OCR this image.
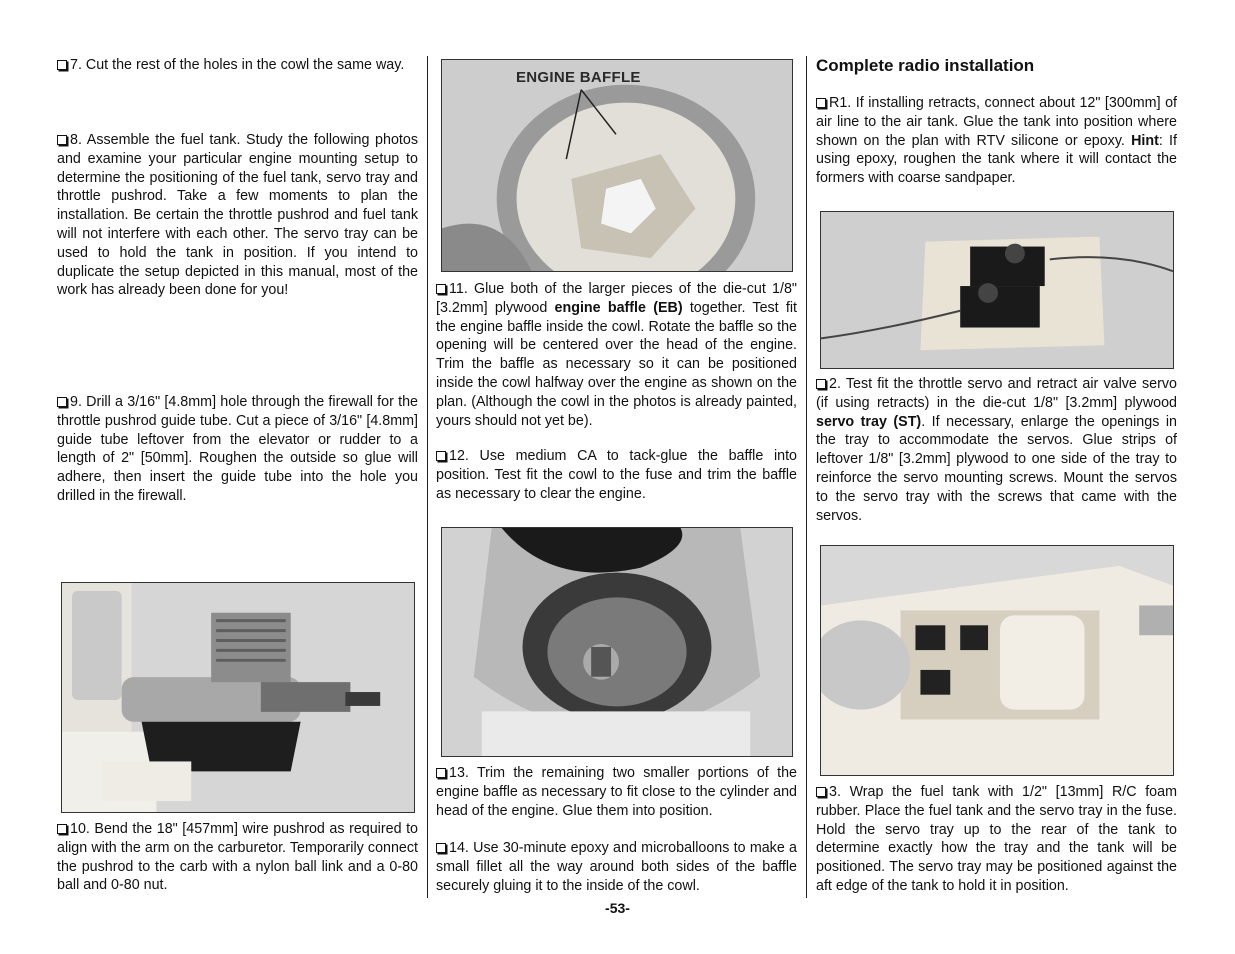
7. Cut the rest of the holes in the cowl the same way.

8. Assemble the fuel tank. Study the following photos and examine your particular engine mounting setup to determine the positioning of the fuel tank, servo tray and throttle pushrod. Take a few moments to plan the installation. Be certain the throttle pushrod and fuel tank will not interfere with each other. The servo tray can be used to hold the tank in position. If you intend to duplicate the setup depicted in this manual, most of the work has already been done for you!

9. Drill a 3/16" [4.8mm] hole through the firewall for the throttle pushrod guide tube. Cut a piece of 3/16" [4.8mm] guide tube leftover from the elevator or rudder to a length of 2" [50mm]. Roughen the outside so glue will adhere, then insert the guide tube into the hole you drilled in the firewall.

10. Bend the 18" [457mm] wire pushrod as required to align with the arm on the carburetor. Temporarily connect the pushrod to the carb with a nylon ball link and a 0-80 ball and 0-80 nut.

ENGINE BAFFLE

11. Glue both of the larger pieces of the die-cut 1/8" [3.2mm] plywood engine baffle (EB) together. Test fit the engine baffle inside the cowl. Rotate the baffle so the opening will be centered over the head of the engine. Trim the baffle as necessary so it can be positioned inside the cowl halfway over the engine as shown on the plan. (Although the cowl in the photos is already painted, yours should not yet be).

12. Use medium CA to tack-glue the baffle into position. Test fit the cowl to the fuse and trim the baffle as necessary to clear the engine.

13. Trim the remaining two smaller portions of the engine baffle as necessary to fit close to the cylinder and head of the engine. Glue them into position.

14. Use 30-minute epoxy and microballoons to make a small fillet all the way around both sides of the baffle securely gluing it to the inside of the cowl.

Complete radio installation

R1. If installing retracts, connect about 12" [300mm] of air line to the air tank. Glue the tank into position where shown on the plan with RTV silicone or epoxy. Hint: If using epoxy, roughen the tank where it will contact the formers with coarse sandpaper.

2. Test fit the throttle servo and retract air valve servo (if using retracts) in the die-cut 1/8" [3.2mm] plywood servo tray (ST). If necessary, enlarge the openings in the tray to accommodate the servos. Glue strips of leftover 1/8" [3.2mm] plywood to one side of the tray to reinforce the servo mounting screws. Mount the servos to the servo tray with the screws that came with the servos.

3. Wrap the fuel tank with 1/2" [13mm] R/C foam rubber. Place the fuel tank and the servo tray in the fuse. Hold the servo tray up to the rear of the tank to determine exactly how the tray and the tank will be positioned. The servo tray may be positioned against the aft edge of the tank to hold it in position.

-53-
